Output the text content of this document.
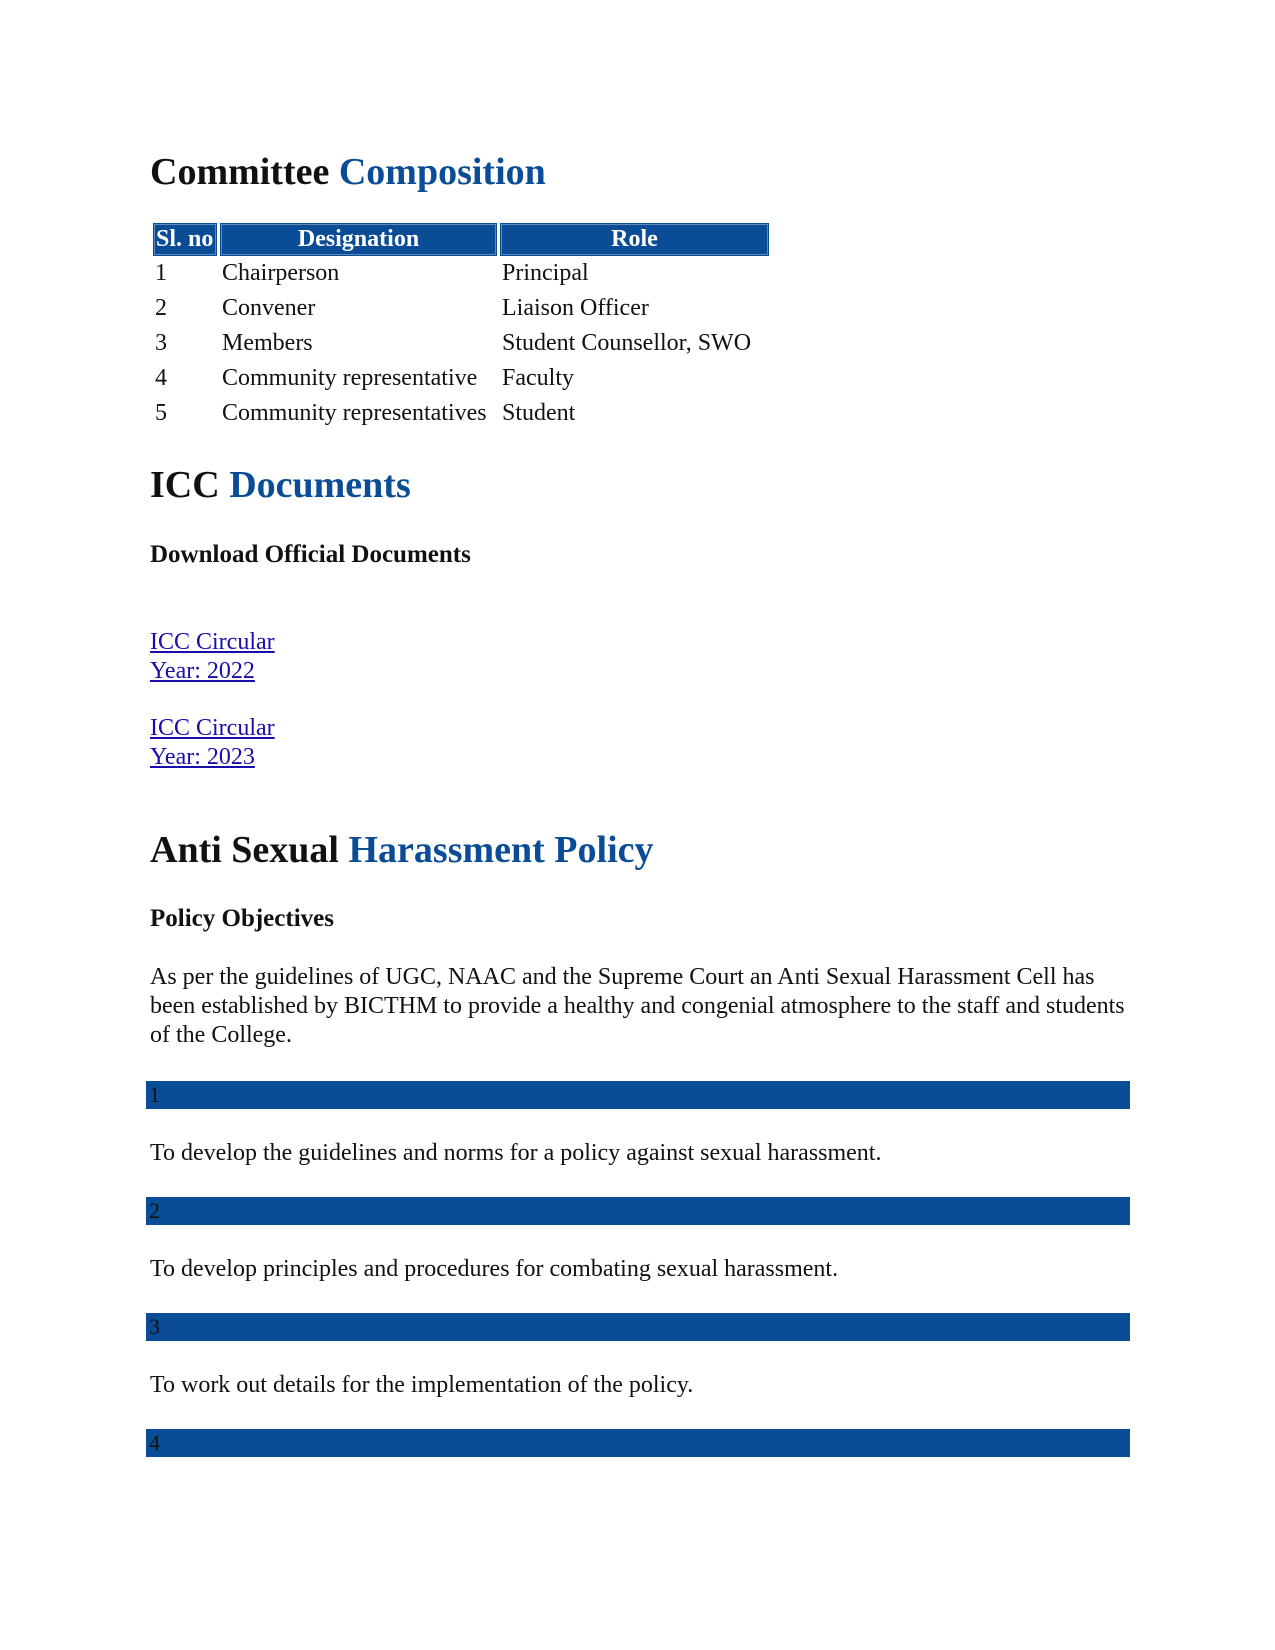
Committee Composition
Sl. no	Designation	Role
1	Chairperson	Principal
2	Convener	Liaison Officer
3	Members	Student Counsellor, SWO
4	Community representative	Faculty
5	Community representatives	Student
ICC Documents
Download Official Documents
ICC Circular
Year: 2022
ICC Circular
Year: 2023
Anti Sexual Harassment Policy
Policy Objectives

As per the guidelines of UGC, NAAC and the Supreme Court an Anti Sexual Harassment Cell has been established by BICTHM to provide a healthy and congenial atmosphere to the staff and students of the College.

1

To develop the guidelines and norms for a policy against sexual harassment.

2

To develop principles and procedures for combating sexual harassment.

3

To work out details for the implementation of the policy.

4
